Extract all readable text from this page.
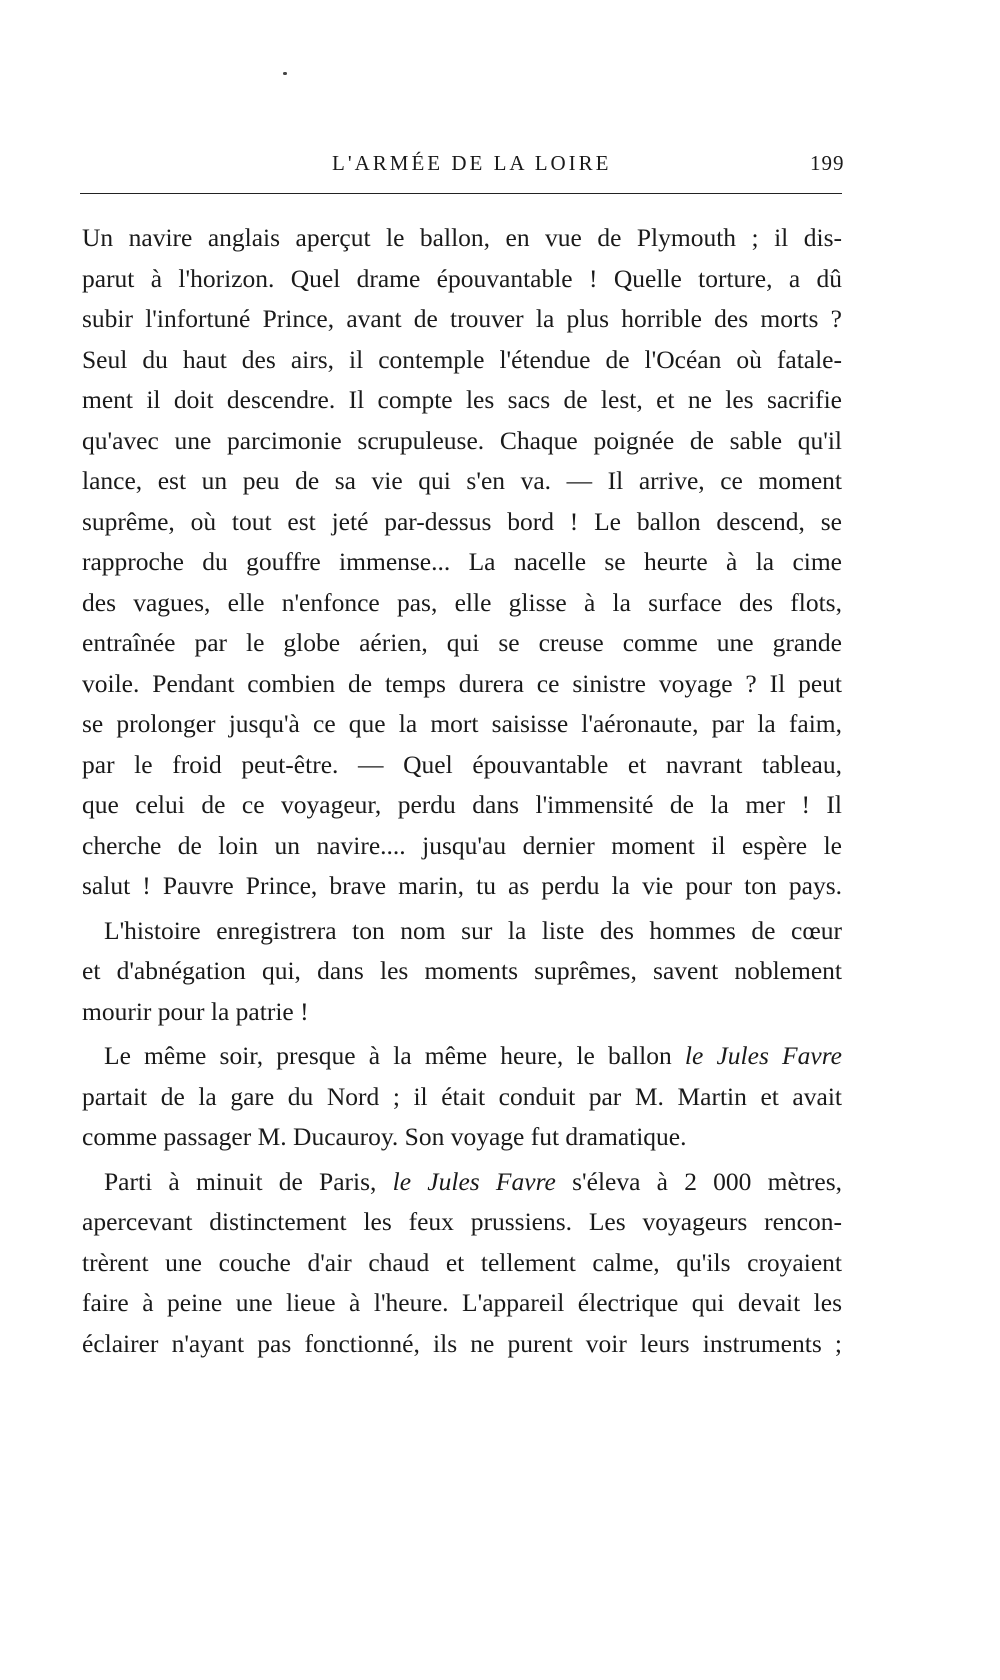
L'ARMÉE DE LA LOIRE	199
Un navire anglais aperçut le ballon, en vue de Plymouth ; il dis-
parut à l'horizon. Quel drame épouvantable ! Quelle torture, a dû
subir l'infortuné Prince, avant de trouver la plus horrible des morts ?
Seul du haut des airs, il contemple l'étendue de l'Océan où fatale-
ment il doit descendre. Il compte les sacs de lest, et ne les sacrifie
qu'avec une parcimonie scrupuleuse. Chaque poignée de sable qu'il
lance, est un peu de sa vie qui s'en va. — Il arrive, ce moment
suprême, où tout est jeté par-dessus bord ! Le ballon descend, se
rapproche du gouffre immense... La nacelle se heurte à la cime
des vagues, elle n'enfonce pas, elle glisse à la surface des flots,
entraînée par le globe aérien, qui se creuse comme une grande
voile. Pendant combien de temps durera ce sinistre voyage ? Il peut
se prolonger jusqu'à ce que la mort saisisse l'aéronaute, par la faim,
par le froid peut-être. — Quel épouvantable et navrant tableau,
que celui de ce voyageur, perdu dans l'immensité de la mer ! Il
cherche de loin un navire.... jusqu'au dernier moment il espère le
salut ! Pauvre Prince, brave marin, tu as perdu la vie pour ton pays.
L'histoire enregistrera ton nom sur la liste des hommes de cœur
et d'abnégation qui, dans les moments suprêmes, savent noblement
mourir pour la patrie !
Le même soir, presque à la même heure, le ballon le Jules Favre
partait de la gare du Nord ; il était conduit par M. Martin et avait
comme passager M. Ducauroy. Son voyage fut dramatique.
Parti à minuit de Paris, le Jules Favre s'éleva à 2 000 mètres,
apercevant distinctement les feux prussiens. Les voyageurs rencon-
trèrent une couche d'air chaud et tellement calme, qu'ils croyaient
faire à peine une lieue à l'heure. L'appareil électrique qui devait les
éclairer n'ayant pas fonctionné, ils ne purent voir leurs instruments ;
